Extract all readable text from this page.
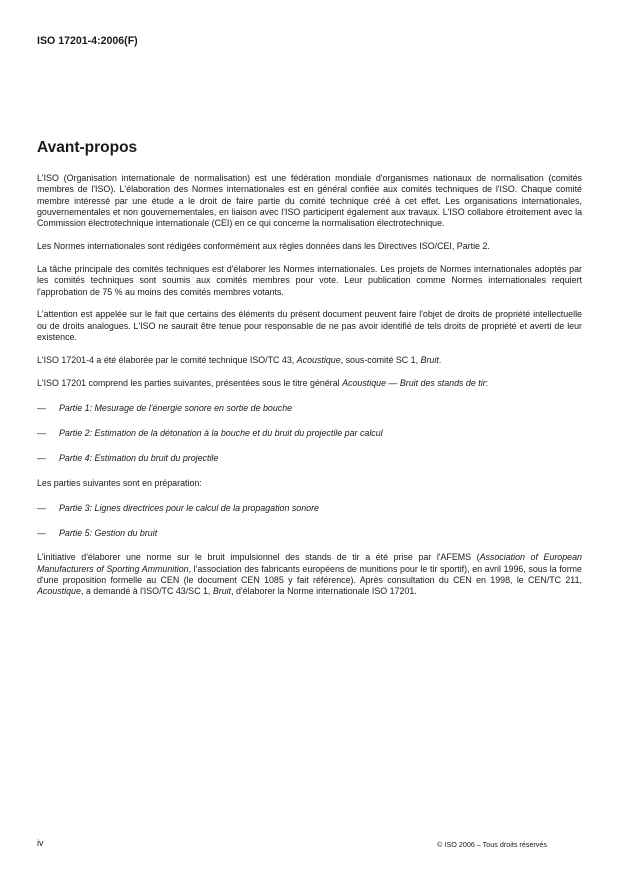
ISO 17201-4:2006(F)
Avant-propos

L'ISO (Organisation internationale de normalisation) est une fédération mondiale d'organismes nationaux de normalisation (comités membres de l'ISO). L'élaboration des Normes internationales est en général confiée aux comités techniques de l'ISO. Chaque comité membre intéressé par une étude a le droit de faire partie du comité technique créé à cet effet. Les organisations internationales, gouvernementales et non gouvernementales, en liaison avec l'ISO participent également aux travaux. L'ISO collabore étroitement avec la Commission électrotechnique internationale (CEI) en ce qui concerne la normalisation électrotechnique.

Les Normes internationales sont rédigées conformément aux règles données dans les Directives ISO/CEI, Partie 2.

La tâche principale des comités techniques est d'élaborer les Normes internationales. Les projets de Normes internationales adoptés par les comités techniques sont soumis aux comités membres pour vote. Leur publication comme Normes internationales requiert l'approbation de 75 % au moins des comités membres votants.

L'attention est appelée sur le fait que certains des éléments du présent document peuvent faire l'objet de droits de propriété intellectuelle ou de droits analogues. L'ISO ne saurait être tenue pour responsable de ne pas avoir identifié de tels droits de propriété et averti de leur existence.

L'ISO 17201-4 a été élaborée par le comité technique ISO/TC 43, Acoustique, sous-comité SC 1, Bruit.

L'ISO 17201 comprend les parties suivantes, présentées sous le titre général Acoustique — Bruit des stands de tir:

—	Partie 1: Mesurage de l'énergie sonore en sortie de bouche
—	Partie 2: Estimation de la détonation à la bouche et du bruit du projectile par calcul
—	Partie 4: Estimation du bruit du projectile

Les parties suivantes sont en préparation:

—	Partie 3: Lignes directrices pour le calcul de la propagation sonore
—	Partie 5: Gestion du bruit

L'initiative d'élaborer une norme sur le bruit impulsionnel des stands de tir a été prise par l'AFEMS (Association of European Manufacturers of Sporting Ammunition, l'association des fabricants européens de munitions pour le tir sportif), en avril 1996, sous la forme d'une proposition formelle au CEN (le document CEN 1085 y fait référence). Après consultation du CEN en 1998, le CEN/TC 211, Acoustique, a demandé à l'ISO/TC 43/SC 1, Bruit, d'élaborer la Norme internationale ISO 17201.

iv	© ISO 2006 – Tous droits réservés
